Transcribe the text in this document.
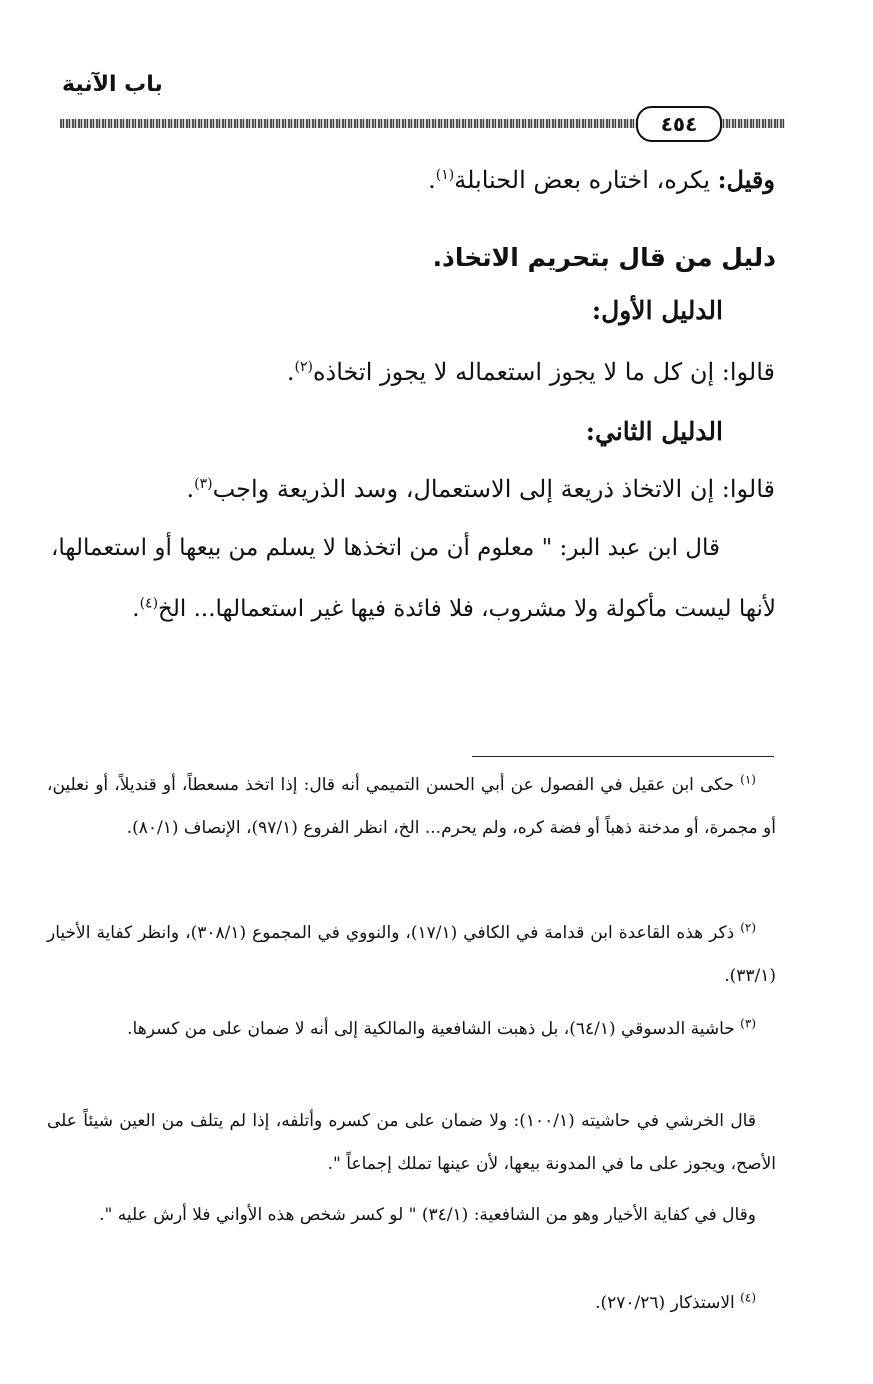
باب الآنية
٤٥٤
وقيل: يكره، اختاره بعض الحنابلة$^{(١)}$.
دليل من قال بتحريم الاتخاذ.
الدليل الأول:
قالوا: إن كل ما لا يجوز استعماله لا يجوز اتخاذه$^{(٢)}$.
الدليل الثاني:
قالوا: إن الاتخاذ ذريعة إلى الاستعمال، وسد الذريعة واجب$^{(٣)}$.
قال ابن عبد البر: " معلوم أن من اتخذها لا يسلم من بيعها أو استعمالها، لأنها ليست مأكولة ولا مشروب، فلا فائدة فيها غير استعمالها... الخ$^{(٤)}$.
$^{(١)}$ حكى ابن عقيل في الفصول عن أبي الحسن التميمي أنه قال: إذا اتخذ مسعطاً، أو قنديلاً، أو نعلين، أو مجمرة، أو مدخنة ذهباً أو فضة كره، ولم يحرم... الخ، انظر الفروع (٩٧/١)، الإنصاف (٨٠/١).
$^{(٢)}$ ذكر هذه القاعدة ابن قدامة في الكافي (١٧/١)، والنووي في المجموع (٣٠٨/١)، وانظر كفاية الأخيار (٣٣/١).
$^{(٣)}$ حاشية الدسوقي (٦٤/١)، بل ذهبت الشافعية والمالكية إلى أنه لا ضمان على من كسرها.
قال الخرشي في حاشيته (١٠٠/١): ولا ضمان على من كسره وأتلفه، إذا لم يتلف من العين شيئاً على الأصح، ويجوز على ما في المدونة بيعها، لأن عينها تملك إجماعاً ".
وقال في كفاية الأخيار وهو من الشافعية: (٣٤/١) " لو كسر شخص هذه الأواني فلا أرش عليه ".
$^{(٤)}$ الاستذكار (٢٧٠/٢٦).
